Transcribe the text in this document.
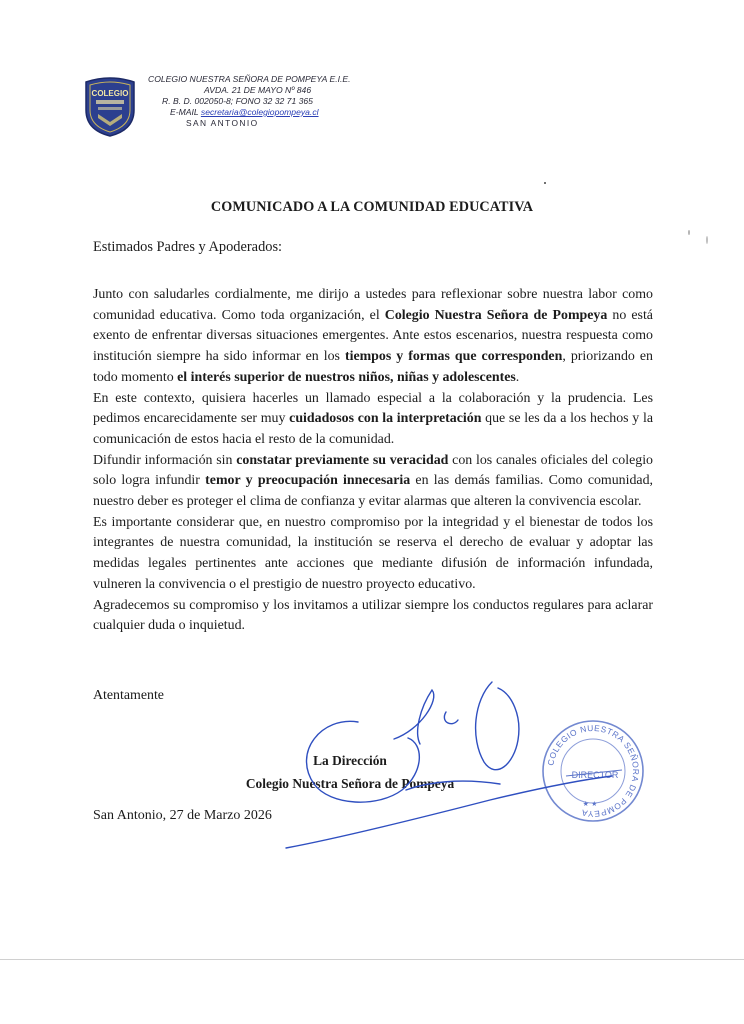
COLEGIO
COLEGIO NUESTRA SEÑORA DE POMPEYA E.I.E.
AVDA. 21 DE MAYO Nº 846
R. B. D. 002050-8; FONO 32 32 71 365
E-MAIL secretaria@colegiopompeya.cl
SAN ANTONIO
COMUNICADO A LA COMUNIDAD EDUCATIVA
Estimados Padres y Apoderados:

Junto con saludarles cordialmente, me dirijo a ustedes para reflexionar sobre nuestra labor como comunidad educativa. Como toda organización, el Colegio Nuestra Señora de Pompeya no está exento de enfrentar diversas situaciones emergentes. Ante estos escenarios, nuestra respuesta como institución siempre ha sido informar en los tiempos y formas que corresponden, priorizando en todo momento el interés superior de nuestros niños, niñas y adolescentes.

En este contexto, quisiera hacerles un llamado especial a la colaboración y la prudencia. Les pedimos encarecidamente ser muy cuidadosos con la interpretación que se les da a los hechos y la comunicación de estos hacia el resto de la comunidad.

Difundir información sin constatar previamente su veracidad con los canales oficiales del colegio solo logra infundir temor y preocupación innecesaria en las demás familias. Como comunidad, nuestro deber es proteger el clima de confianza y evitar alarmas que alteren la convivencia escolar.

Es importante considerar que, en nuestro compromiso por la integridad y el bienestar de todos los integrantes de nuestra comunidad, la institución se reserva el derecho de evaluar y adoptar las medidas legales pertinentes ante acciones que mediante difusión de información infundada, vulneren la convivencia o el prestigio de nuestro proyecto educativo.

Agradecemos su compromiso y los invitamos a utilizar siempre los conductos regulares para aclarar cualquier duda o inquietud.

Atentamente
La Dirección
Colegio Nuestra Señora de Pompeya
San Antonio, 27 de Marzo 2026
COLEGIO NUESTRA SEÑORA DE POMPEYA
DIRECTOR
★ ★
